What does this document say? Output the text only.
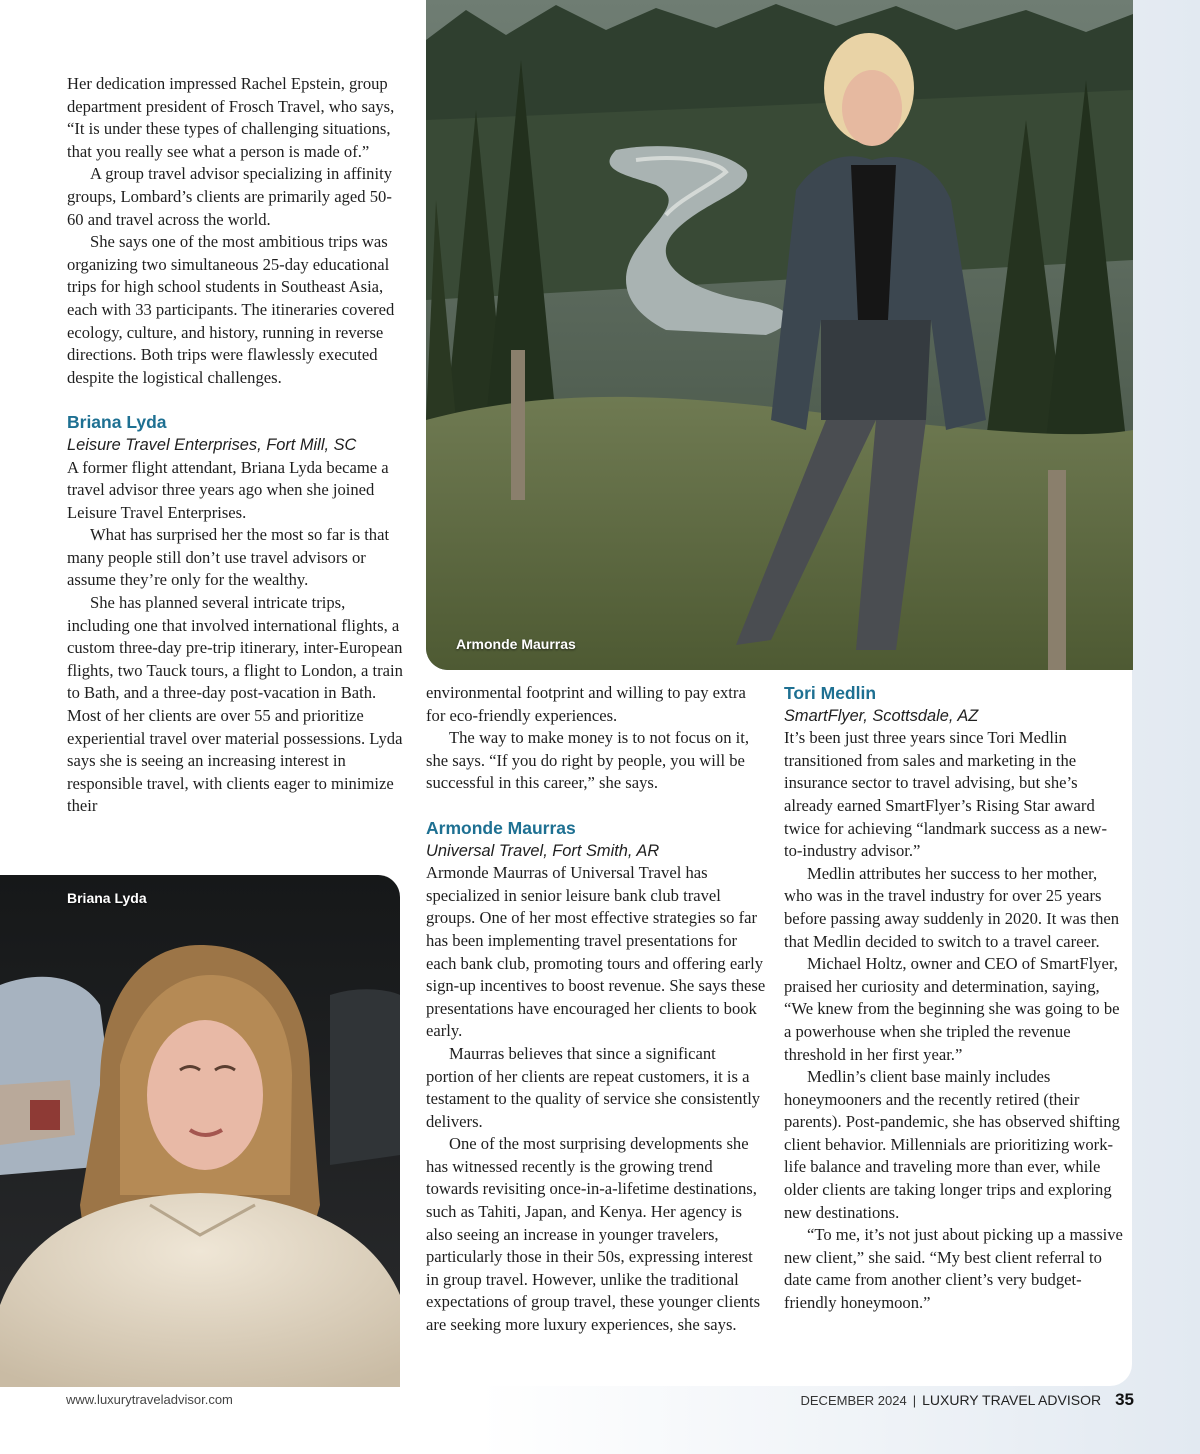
Armonde Maurras
Briana Lyda

Her dedication impressed Rachel Epstein, group department president of Frosch Travel, who says, “It is under these types of challenging situations, that you really see what a person is made of.”

A group travel advisor specializing in affinity groups, Lombard’s clients are primarily aged 50-60 and travel across the world.

She says one of the most ambitious trips was organizing two simultaneous 25-day educational trips for high school students in Southeast Asia, each with 33 participants. The itineraries covered ecology, culture, and history, running in reverse directions. Both trips were flawlessly executed despite the logistical challenges.

Briana Lyda
Leisure Travel Enterprises, Fort Mill, SC

A former flight attendant, Briana Lyda became a travel advisor three years ago when she joined Leisure Travel Enterprises.

What has surprised her the most so far is that many people still don’t use travel advisors or assume they’re only for the wealthy.

She has planned several intricate trips, including one that involved international flights, a custom three-day pre-trip itinerary, inter-European flights, two Tauck tours, a flight to London, a train to Bath, and a three-day post-vacation in Bath. Most of her clients are over 55 and prioritize experiential travel over material possessions. Lyda says she is seeing an increasing interest in responsible travel, with clients eager to minimize their

environmental footprint and willing to pay extra for eco-friendly experiences.

The way to make money is to not focus on it, she says. “If you do right by people, you will be successful in this career,” she says.

Armonde Maurras
Universal Travel, Fort Smith, AR

Armonde Maurras of Universal Travel has specialized in senior leisure bank club travel groups. One of her most effective strategies so far has been implementing travel presentations for each bank club, promoting tours and offering early sign-up incentives to boost revenue. She says these presentations have encouraged her clients to book early.

Maurras believes that since a significant portion of her clients are repeat customers, it is a testament to the quality of service she consistently delivers.

One of the most surprising developments she has witnessed recently is the growing trend towards revisiting once-in-a-lifetime destinations, such as Tahiti, Japan, and Kenya. Her agency is also seeing an increase in younger travelers, particularly those in their 50s, expressing interest in group travel. However, unlike the traditional expectations of group travel, these younger clients are seeking more luxury experiences, she says.

Tori Medlin
SmartFlyer, Scottsdale, AZ

It’s been just three years since Tori Medlin transitioned from sales and marketing in the insurance sector to travel advising, but she’s already earned SmartFlyer’s Rising Star award twice for achieving “landmark success as a new-to-industry advisor.”

Medlin attributes her success to her mother, who was in the travel industry for over 25 years before passing away suddenly in 2020. It was then that Medlin decided to switch to a travel career.

Michael Holtz, owner and CEO of SmartFlyer, praised her curiosity and determination, saying, “We knew from the beginning she was going to be a powerhouse when she tripled the revenue threshold in her first year.”

Medlin’s client base mainly includes honeymooners and the recently retired (their parents). Post-pandemic, she has observed shifting client behavior. Millennials are prioritizing work-life balance and traveling more than ever, while older clients are taking longer trips and exploring new destinations.

“To me, it’s not just about picking up a massive new client,” she said. “My best client referral to date came from another client’s very budget-friendly honeymoon.”

www.luxurytraveladvisor.com	DECEMBER 2024 | LUXURY TRAVEL ADVISOR 35
